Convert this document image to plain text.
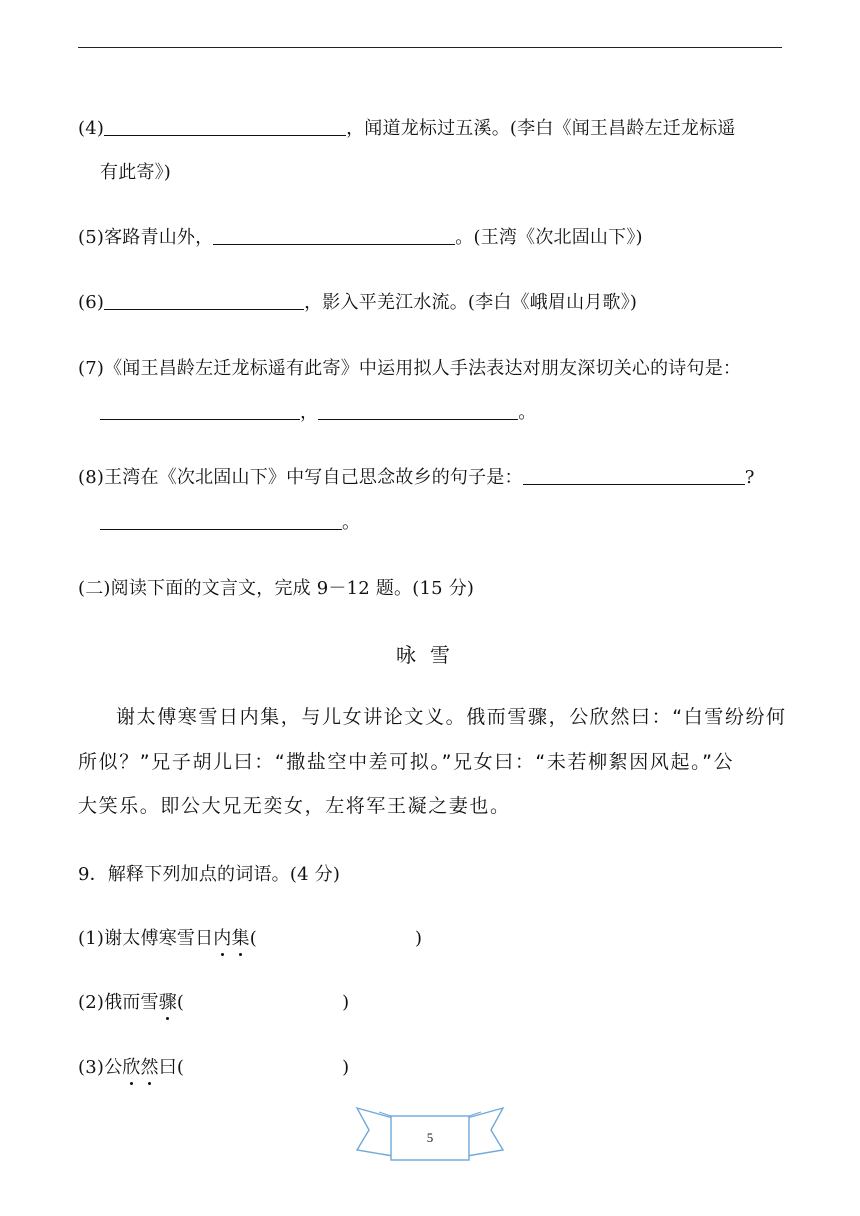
(4)	，闻道龙标过五溪。(李白《闻王昌龄左迁龙标遥
有此寄》)
(5)客路青山外，	。(王湾《次北固山下》)
(6)	，影入平羌江水流。(李白《峨眉山月歌》)
(7)《闻王昌龄左迁龙标遥有此寄》中运用拟人手法表达对朋友深切关心的诗句是：
，	。
(8)王湾在《次北固山下》中写自己思念故乡的句子是：	?
。
(二)阅读下面的文言文，完成 9－12 题。(15 分)
咏雪
谢太傅寒雪日内集，与儿女讲论文义。俄而雪骤，公欣然曰：“白雪纷纷何
所似？”兄子胡儿曰：“撒盐空中差可拟。”兄女曰：“未若柳絮因风起。”公
大笑乐。即公大兄无奕女，左将军王凝之妻也。
9．解释下列加点的词语。(4 分)
(1)谢太傅寒雪日内集(	)
(2)俄而雪骤(	)
(3)公欣然曰(	)
5
